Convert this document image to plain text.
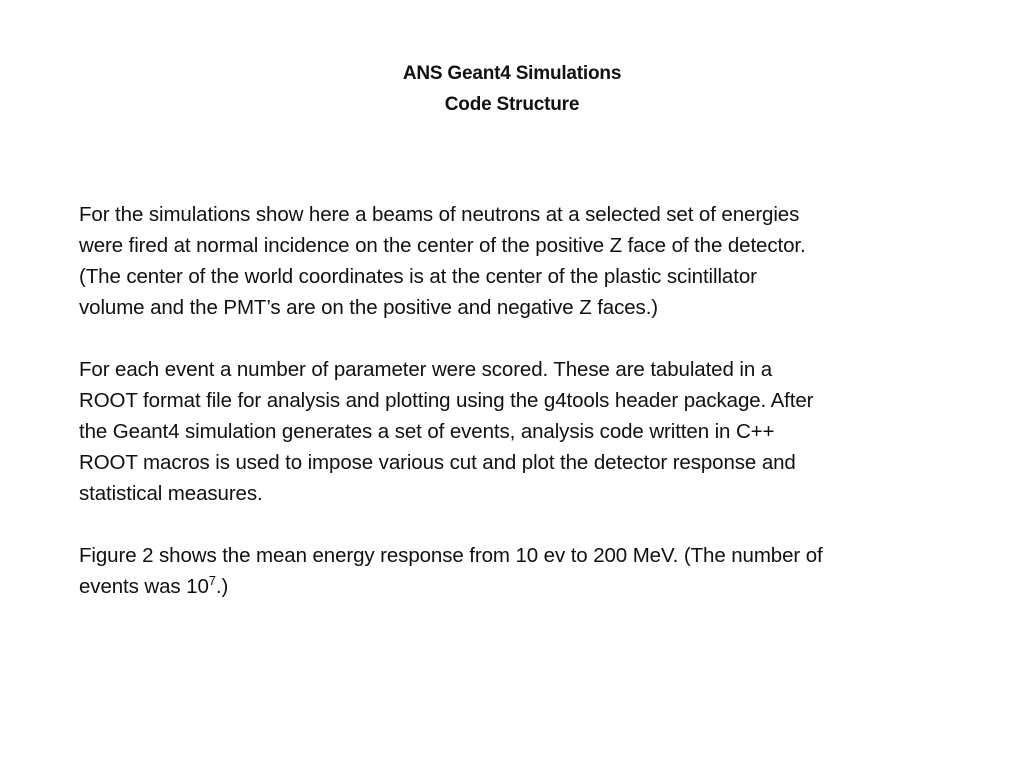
ANS Geant4 Simulations
Code Structure

For the simulations show here a beams of neutrons at a selected set of energies
were fired at normal incidence on the center of the positive Z face of the detector.
(The center of the world coordinates is at the center of the plastic scintillator
volume and the PMT’s are on the positive and negative Z faces.)

For each event a number of parameter were scored. These are tabulated in a
ROOT format file for analysis and plotting using the g4tools header package. After
the Geant4 simulation generates a set of events, analysis code written in C++
ROOT macros is used to impose various cut and plot the detector response and
statistical measures.

Figure 2 shows the mean energy response from 10 ev to 200 MeV. (The number of
events was $10^7$.)
